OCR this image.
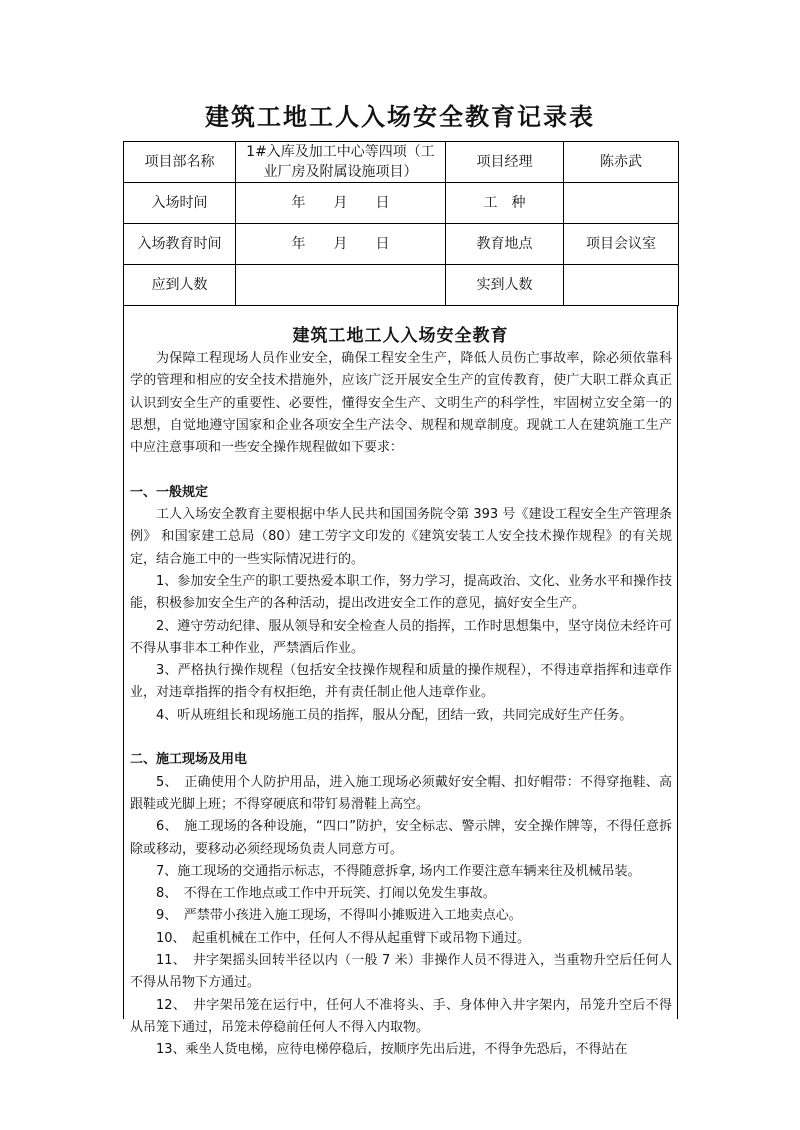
建筑工地工人入场安全教育记录表
项目部名称	1#入库及加工中心等四项（工业厂房及附属设施项目）	项目经理	陈赤武
入场时间	年　　月　　日	工　种	
入场教育时间	年　　月　　日	教育地点	项目会议室
应到人数		实到人数	
建筑工地工人入场安全教育

为保障工程现场人员作业安全，确保工程安全生产，降低人员伤亡事故率，除必须依靠科学的管理和相应的安全技术措施外，应该广泛开展安全生产的宣传教育，使广大职工群众真正认识到安全生产的重要性、必要性，懂得安全生产、文明生产的科学性，牢固树立安全第一的思想，自觉地遵守国家和企业各项安全生产法令、规程和规章制度。现就工人在建筑施工生产中应注意事项和一些安全操作规程做如下要求：

一、一般规定

工人入场安全教育主要根据中华人民共和国国务院令第 393 号《建设工程安全生产管理条例》 和国家建工总局（80）建工劳字文印发的《建筑安装工人安全技术操作规程》的有关规定，结合施工中的一些实际情况进行的。

1、参加安全生产的职工要热爱本职工作，努力学习，提高政治、文化、业务水平和操作技能，积极参加安全生产的各种活动，提出改进安全工作的意见，搞好安全生产。

2、遵守劳动纪律、服从领导和安全检查人员的指挥，工作时思想集中，坚守岗位未经许可不得从事非本工种作业，严禁酒后作业。

3、严格执行操作规程（包括安全技操作规程和质量的操作规程），不得违章指挥和违章作业，对违章指挥的指令有权拒绝，并有责任制止他人违章作业。

4、听从班组长和现场施工员的指挥，服从分配，团结一致，共同完成好生产任务。

二、施工现场及用电

5、　正确使用个人防护用品，进入施工现场必须戴好安全帽、扣好帽带：不得穿拖鞋、高跟鞋或光脚上班；不得穿硬底和带钉易滑鞋上高空。

6、　施工现场的各种设施，“四口”防护，安全标志、警示牌，安全操作牌等，不得任意拆除或移动，要移动必须经现场负责人同意方可。

7、施工现场的交通指示标志，不得随意拆拿, 场内工作要注意车辆来往及机械吊装。

8、　不得在工作地点或工作中开玩笑、打闹以免发生事故。

9、　严禁带小孩进入施工现场，不得叫小摊贩进入工地卖点心。

10、　起重机械在工作中，任何人不得从起重臂下或吊物下通过。

11、　井字架摇头回转半径以内（一般 7 米）非操作人员不得进入，当重物升空后任何人不得从吊物下方通过。

12、　井字架吊笼在运行中，任何人不准将头、手、身体伸入井字架内，吊笼升空后不得从吊笼下通过，吊笼未停稳前任何人不得入内取物。

13、乘坐人货电梯，应待电梯停稳后，按顺序先出后进，不得争先恐后，不得站在
